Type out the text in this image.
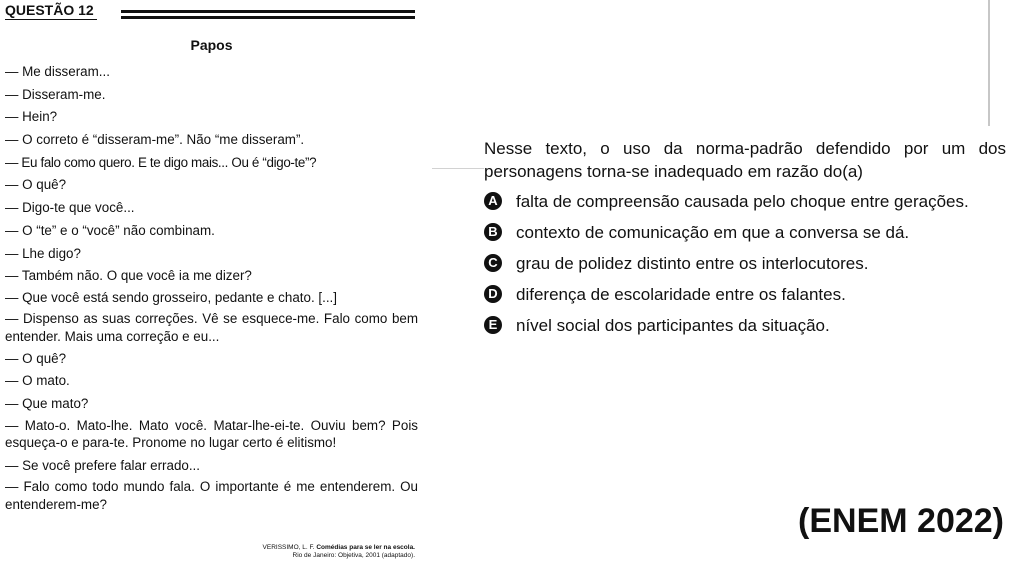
QUESTÃO 12
Papos
— Me disseram...
— Disseram-me.
— Hein?
— O correto é “disseram-me”. Não “me disseram”.
— Eu falo como quero. E te digo mais... Ou é “digo-te”?
— O quê?
— Digo-te que você...
— O “te” e o “você” não combinam.
— Lhe digo?
— Também não. O que você ia me dizer?
— Que você está sendo grosseiro, pedante e chato. [...]
— Dispenso as suas correções. Vê se esquece-me. Falo como bem entender. Mais uma correção e eu...
— O quê?
— O mato.
— Que mato?
— Mato-o. Mato-lhe. Mato você. Matar-lhe-ei-te. Ouviu bem? Pois esqueça-o e para-te. Pronome no lugar certo é elitismo!
— Se você prefere falar errado...
— Falo como todo mundo fala. O importante é me entenderem. Ou entenderem-me?
VERISSIMO, L. F. Comédias para se ler na escola.
Rio de Janeiro: Objetiva, 2001 (adaptado).
Nesse texto, o uso da norma-padrão defendido por um dos personagens torna-se inadequado em razão do(a)
A falta de compreensão causada pelo choque entre gerações.
B contexto de comunicação em que a conversa se dá.
C grau de polidez distinto entre os interlocutores.
D diferença de escolaridade entre os falantes.
E nível social dos participantes da situação.
(ENEM 2022)
